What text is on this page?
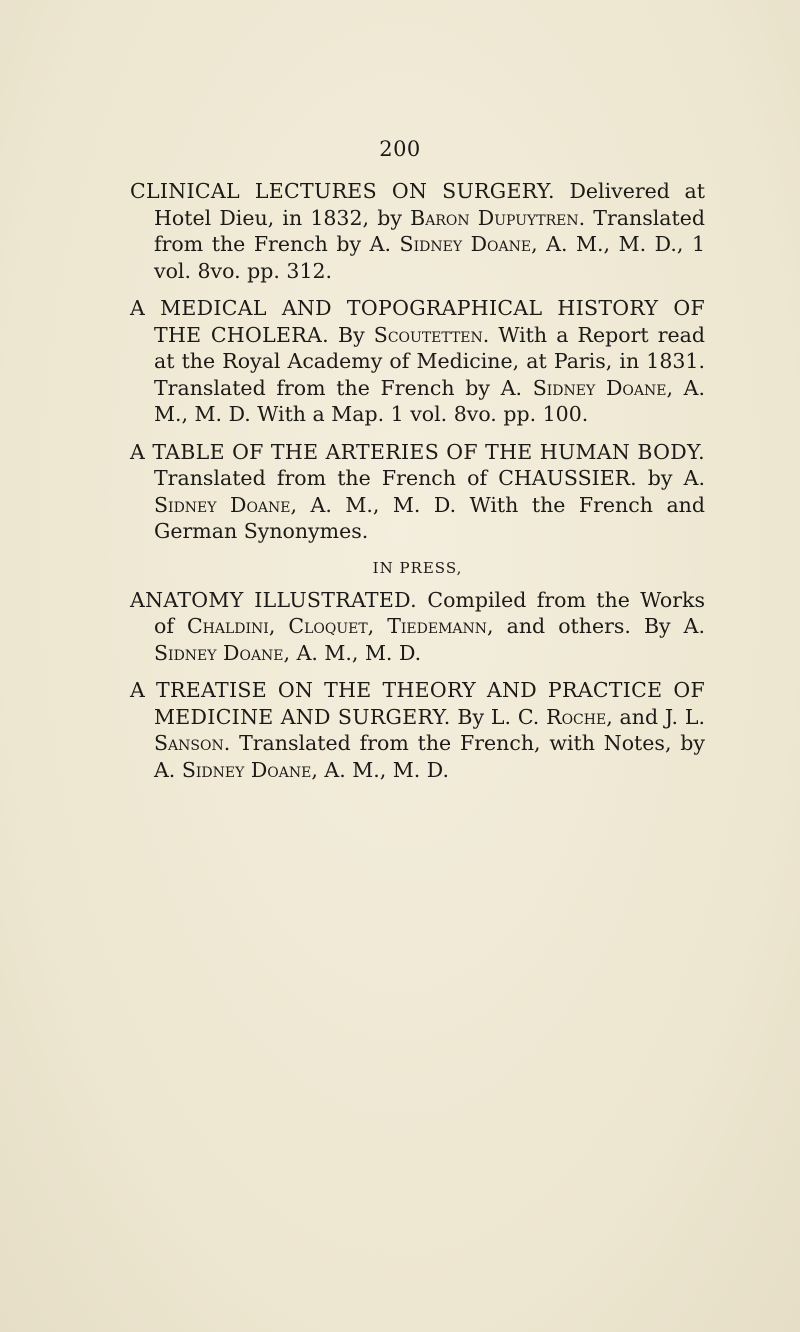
200

CLINICAL LECTURES ON SURGERY. Delivered at Hotel Dieu, in 1832, by Baron Dupuytren. Translated from the French by A. Sidney Doane, A. M., M. D., 1 vol. 8vo. pp. 312.

A MEDICAL AND TOPOGRAPHICAL HISTORY OF THE CHOLERA. By Scoutetten. With a Report read at the Royal Academy of Medicine, at Paris, in 1831. Translated from the French by A. Sidney Doane, A. M., M. D. With a Map. 1 vol. 8vo. pp. 100.

A TABLE OF THE ARTERIES OF THE HUMAN BODY. Translated from the French of CHAUSSIER. by A. Sidney Doane, A. M., M. D. With the French and German Synonymes.

IN PRESS,

ANATOMY ILLUSTRATED. Compiled from the Works of Chaldini, Cloquet, Tiedemann, and others. By A. Sidney Doane, A. M., M. D.

A TREATISE ON THE THEORY AND PRACTICE OF MEDICINE AND SURGERY. By L. C. Roche, and J. L. Sanson. Translated from the French, with Notes, by A. Sidney Doane, A. M., M. D.
